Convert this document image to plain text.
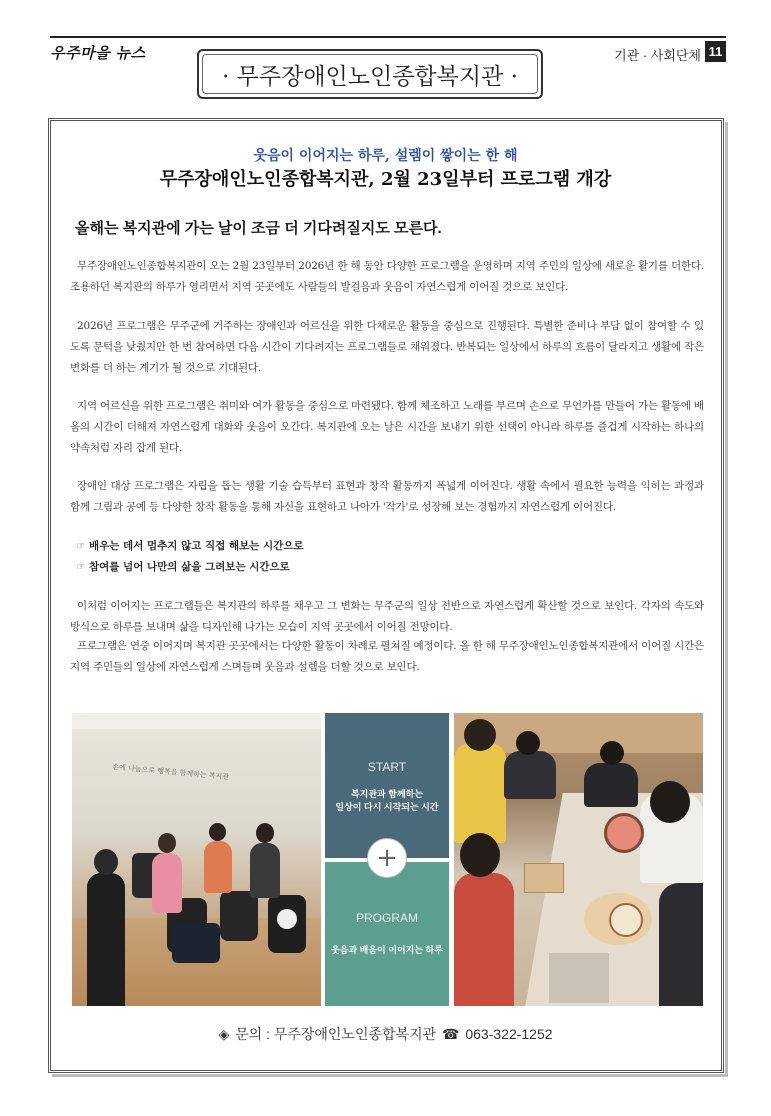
우주마을 뉴스	기관 · 사회단체 11
· 무주장애인노인종합복지관 ·
웃음이 이어지는 하루, 설렘이 쌓이는 한 해
무주장애인노인종합복지관, 2월 23일부터 프로그램 개강
올해는 복지관에 가는 날이 조금 더 기다려질지도 모른다.

무주장애인노인종합복지관이 오는 2월 23일부터 2026년 한 해 동안 다양한 프로그램을 운영하며 지역 주민의 일상에 새로운 활기를 더한다. 조용하던 복지관의 하루가 열리면서 지역 곳곳에도 사람들의 발걸음과 웃음이 자연스럽게 이어질 것으로 보인다.

2026년 프로그램은 무주군에 거주하는 장애인과 어르신을 위한 다채로운 활동을 중심으로 진행된다. 특별한 준비나 부담 없이 참여할 수 있도록 문턱을 낮췄지만 한 번 참여하면 다음 시간이 기다려지는 프로그램들로 채워졌다. 반복되는 일상에서 하루의 흐름이 달라지고 생활에 작은 변화를 더 하는 계기가 될 것으로 기대된다.

지역 어르신을 위한 프로그램은 취미와 여가 활동을 중심으로 마련됐다. 함께 체조하고 노래를 부르며 손으로 무언가를 만들어 가는 활동에 배움의 시간이 더해져 자연스럽게 대화와 웃음이 오간다. 복지관에 오는 날은 시간을 보내기 위한 선택이 아니라 하루를 즐겁게 시작하는 하나의 약속처럼 자리 잡게 된다.

장애인 대상 프로그램은 자립을 돕는 생활 기술 습득부터 표현과 창작 활동까지 폭넓게 이어진다. 생활 속에서 필요한 능력을 익히는 과정과 함께 그림과 공예 등 다양한 창작 활동을 통해 자신을 표현하고 나아가 '작가'로 성장해 보는 경험까지 자연스럽게 이어진다.

☞ 배우는 데서 멈추지 않고 직접 해보는 시간으로
☞ 참여를 넘어 나만의 삶을 그려보는 시간으로

이처럼 이어지는 프로그램들은 복지관의 하루를 채우고 그 변화는 무주군의 일상 전반으로 자연스럽게 확산할 것으로 보인다. 각자의 속도와 방식으로 하루를 보내며 삶을 디자인해 나가는 모습이 지역 곳곳에서 이어질 전망이다.

프로그램은 연중 이어지며 복지관 곳곳에서는 다양한 활동이 차례로 펼쳐질 예정이다. 올 한 해 무주장애인노인종합복지관에서 이어질 시간은 지역 주민들의 일상에 자연스럽게 스며들며 웃음과 설렘을 더할 것으로 보인다.

손에 나눔으로 행복을 함께하는 복지관	START
복지관과 함께하는
일상이 다시 시작되는 시간
PROGRAM
웃음과 배움이 이어지는 하루
+
◈ 문의 : 무주장애인노인종합복지관 ☎ 063-322-1252
